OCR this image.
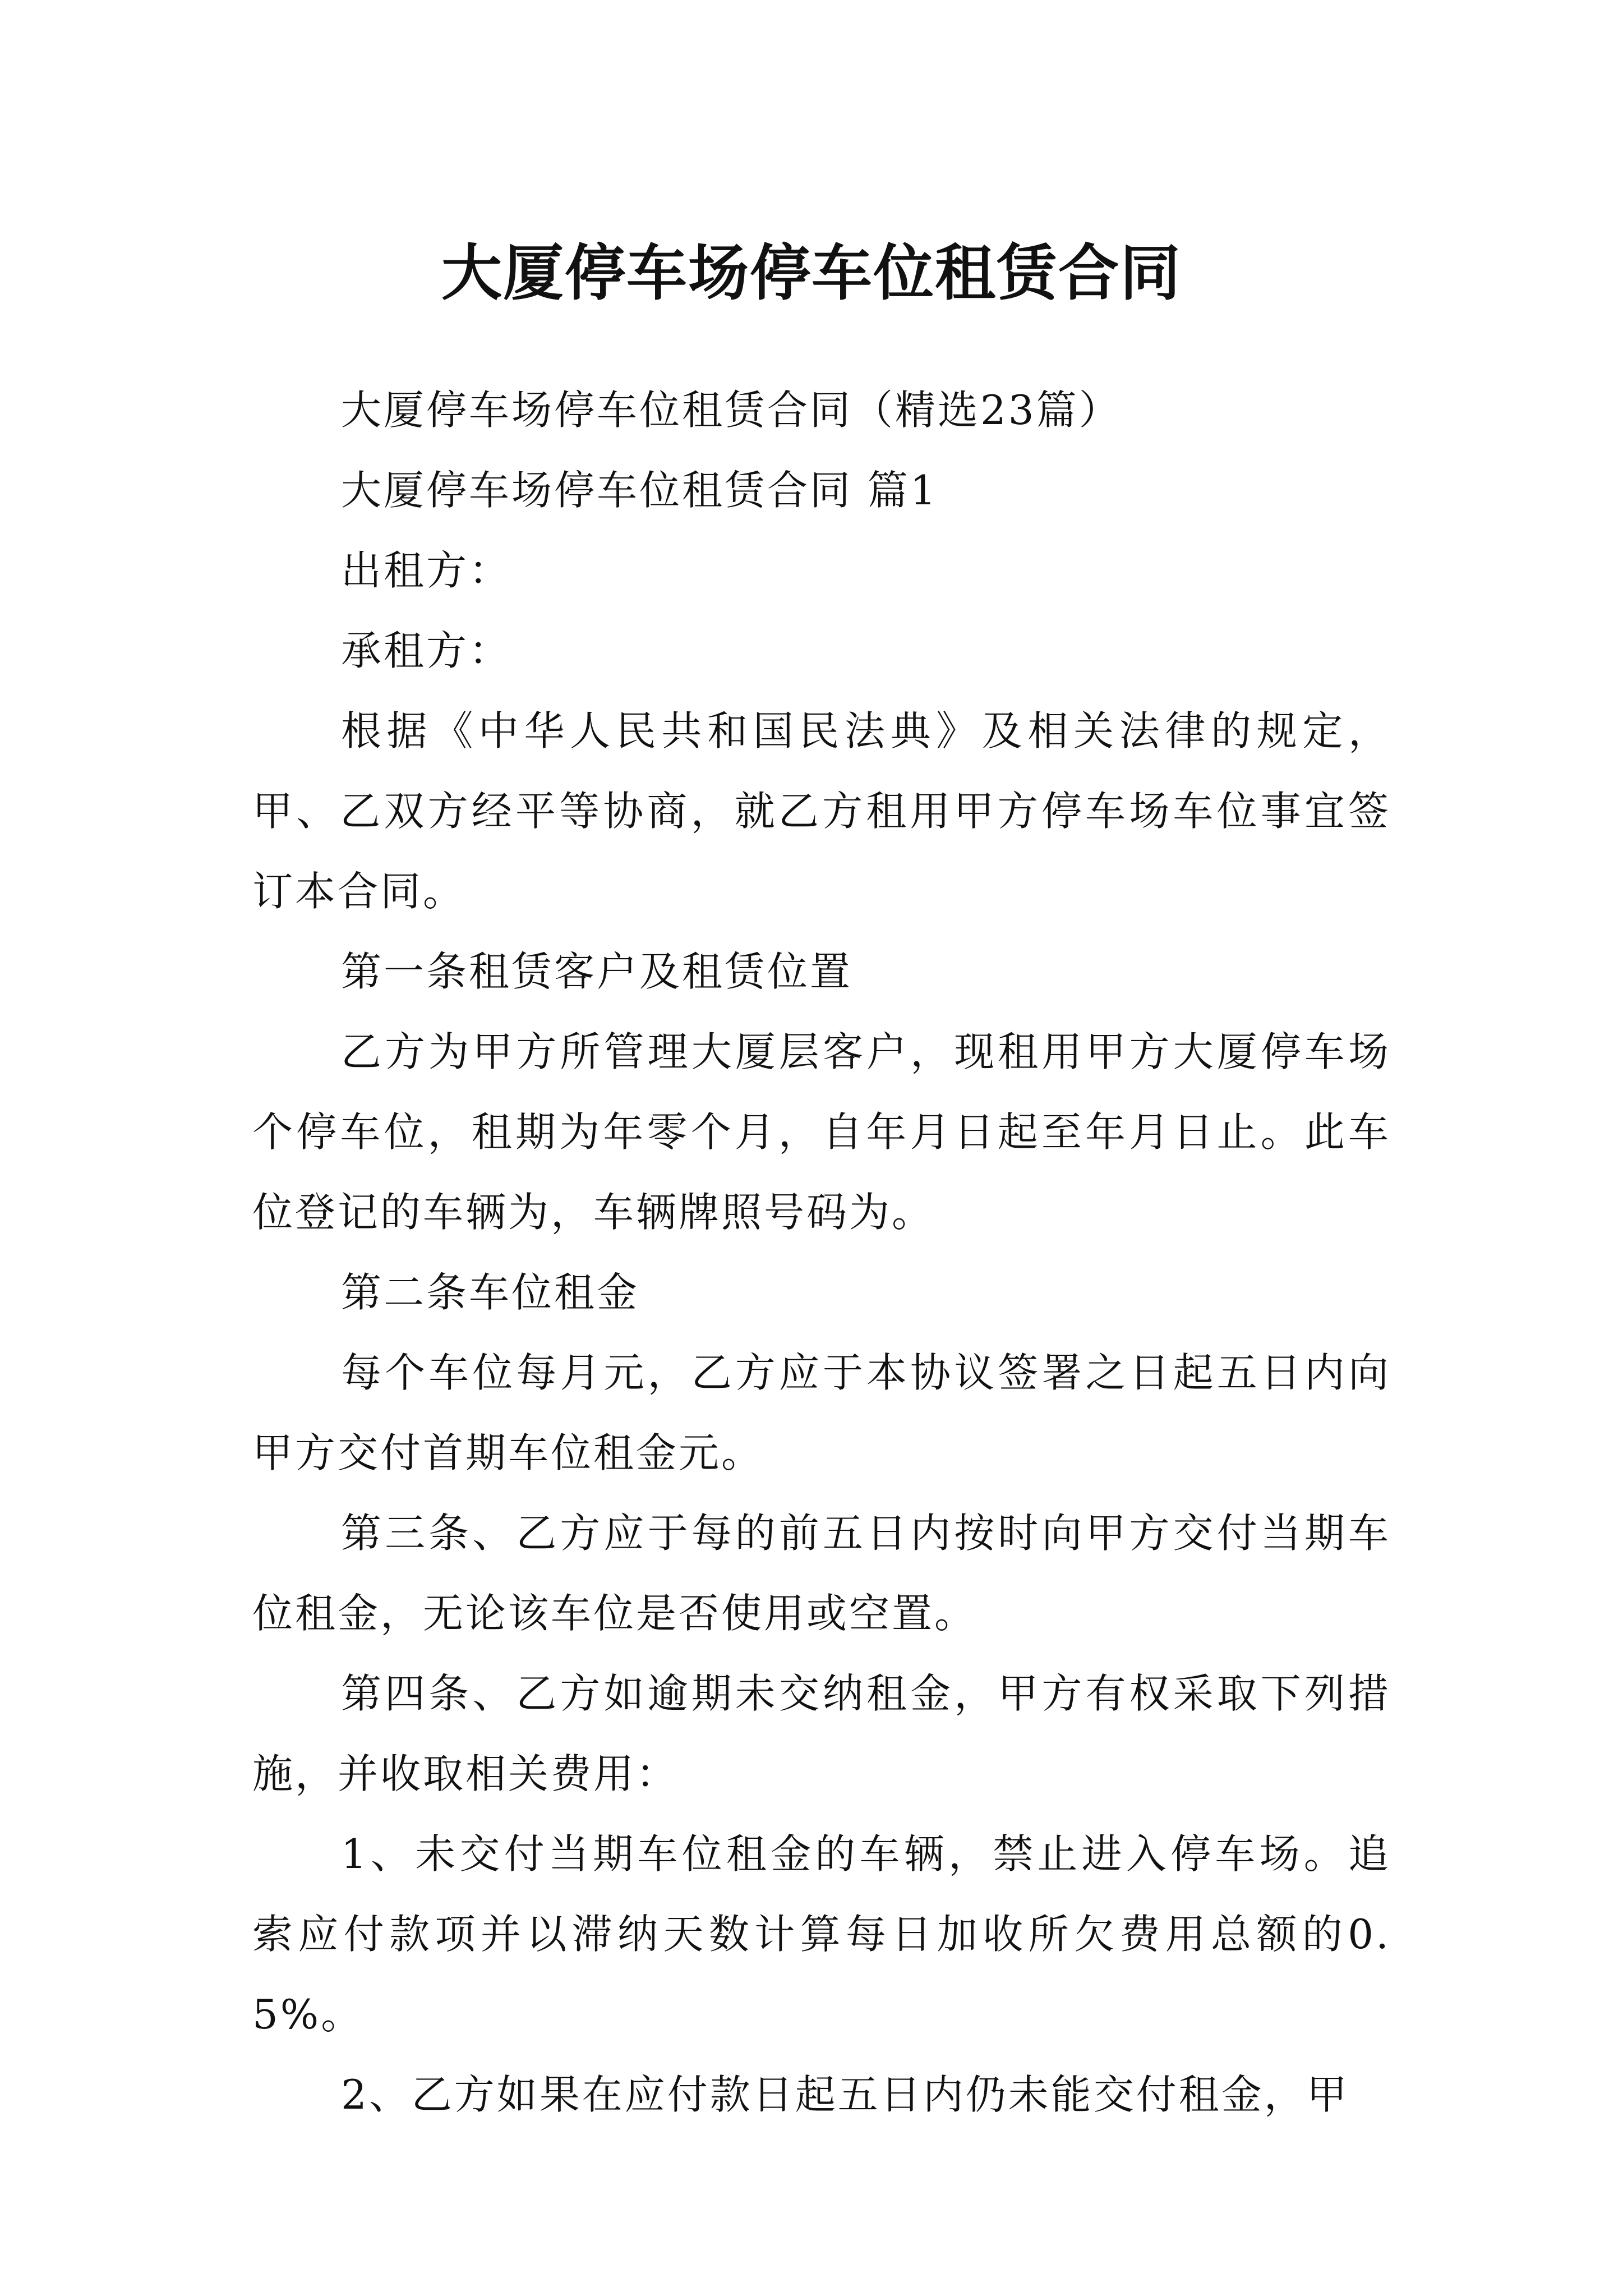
大厦停车场停车位租赁合同

大厦停车场停车位租赁合同（精选23篇）

大厦停车场停车位租赁合同 篇1

出租方：

承租方：

根据《中华人民共和国民法典》及相关法律的规定，甲、乙双方经平等协商，就乙方租用甲方停车场车位事宜签订本合同。

第一条租赁客户及租赁位置

乙方为甲方所管理大厦层客户，现租用甲方大厦停车场个停车位，租期为年零个月，自年月日起至年月日止。此车位登记的车辆为，车辆牌照号码为。

第二条车位租金

每个车位每月元，乙方应于本协议签署之日起五日内向甲方交付首期车位租金元。

第三条、乙方应于每的前五日内按时向甲方交付当期车位租金，无论该车位是否使用或空置。

第四条、乙方如逾期未交纳租金，甲方有权采取下列措施，并收取相关费用：

1、未交付当期车位租金的车辆，禁止进入停车场。追索应付款项并以滞纳天数计算每日加收所欠费用总额的0.5%。

2、乙方如果在应付款日起五日内仍未能交付租金，甲
